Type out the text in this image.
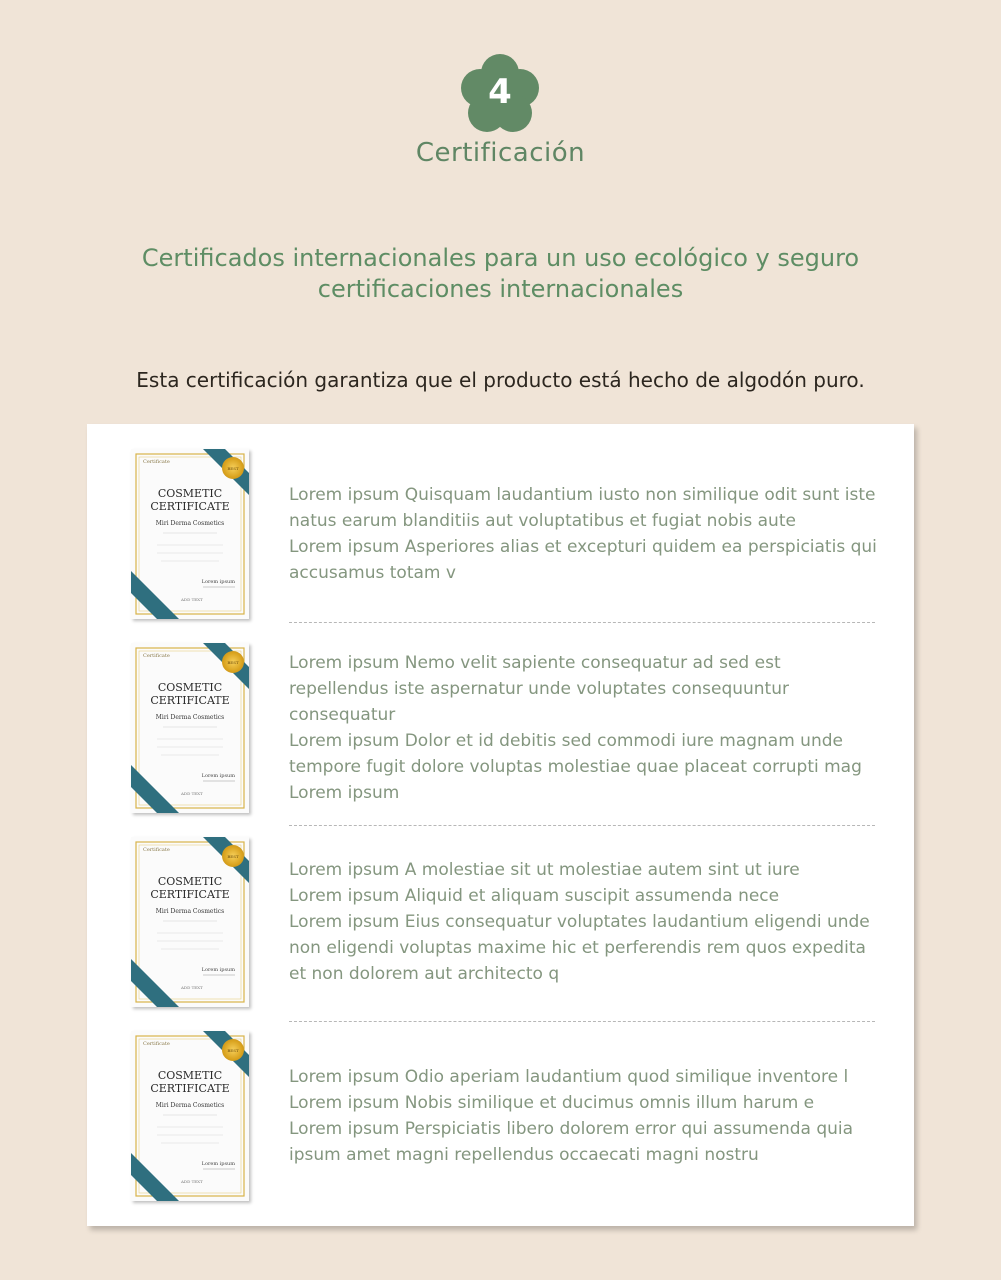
4
Certificación
Certificados internacionales para un uso ecológico y seguro certificaciones internacionales
Esta certificación garantiza que el producto está hecho de algodón puro.
Certificate
BEST
COSMETIC CERTIFICATE
Miri Derma Cosmetics
Lorem ipsum
ADD TEXT

Lorem ipsum Quisquam laudantium iusto non similique odit sunt iste natus earum blanditiis aut voluptatibus et fugiat nobis aute

Lorem ipsum Asperiores alias et excepturi quidem ea perspiciatis qui accusamus totam v

Certificate
BEST
COSMETIC CERTIFICATE
Miri Derma Cosmetics
Lorem ipsum
ADD TEXT

Lorem ipsum Nemo velit sapiente consequatur ad sed est repellendus iste aspernatur unde voluptates consequuntur consequatur

Lorem ipsum Dolor et id debitis sed commodi iure magnam unde tempore fugit dolore voluptas molestiae quae placeat corrupti mag Lorem ipsum

Certificate
BEST
COSMETIC CERTIFICATE
Miri Derma Cosmetics
Lorem ipsum
ADD TEXT

Lorem ipsum A molestiae sit ut molestiae autem sint ut iure

Lorem ipsum Aliquid et aliquam suscipit assumenda nece

Lorem ipsum Eius consequatur voluptates laudantium eligendi unde non eligendi voluptas maxime hic et perferendis rem quos expedita et non dolorem aut architecto q

Certificate
BEST
COSMETIC CERTIFICATE
Miri Derma Cosmetics
Lorem ipsum
ADD TEXT

Lorem ipsum Odio aperiam laudantium quod similique inventore l

Lorem ipsum Nobis similique et ducimus omnis illum harum e

Lorem ipsum Perspiciatis libero dolorem error qui assumenda quia ipsum amet magni repellendus occaecati magni nostru
